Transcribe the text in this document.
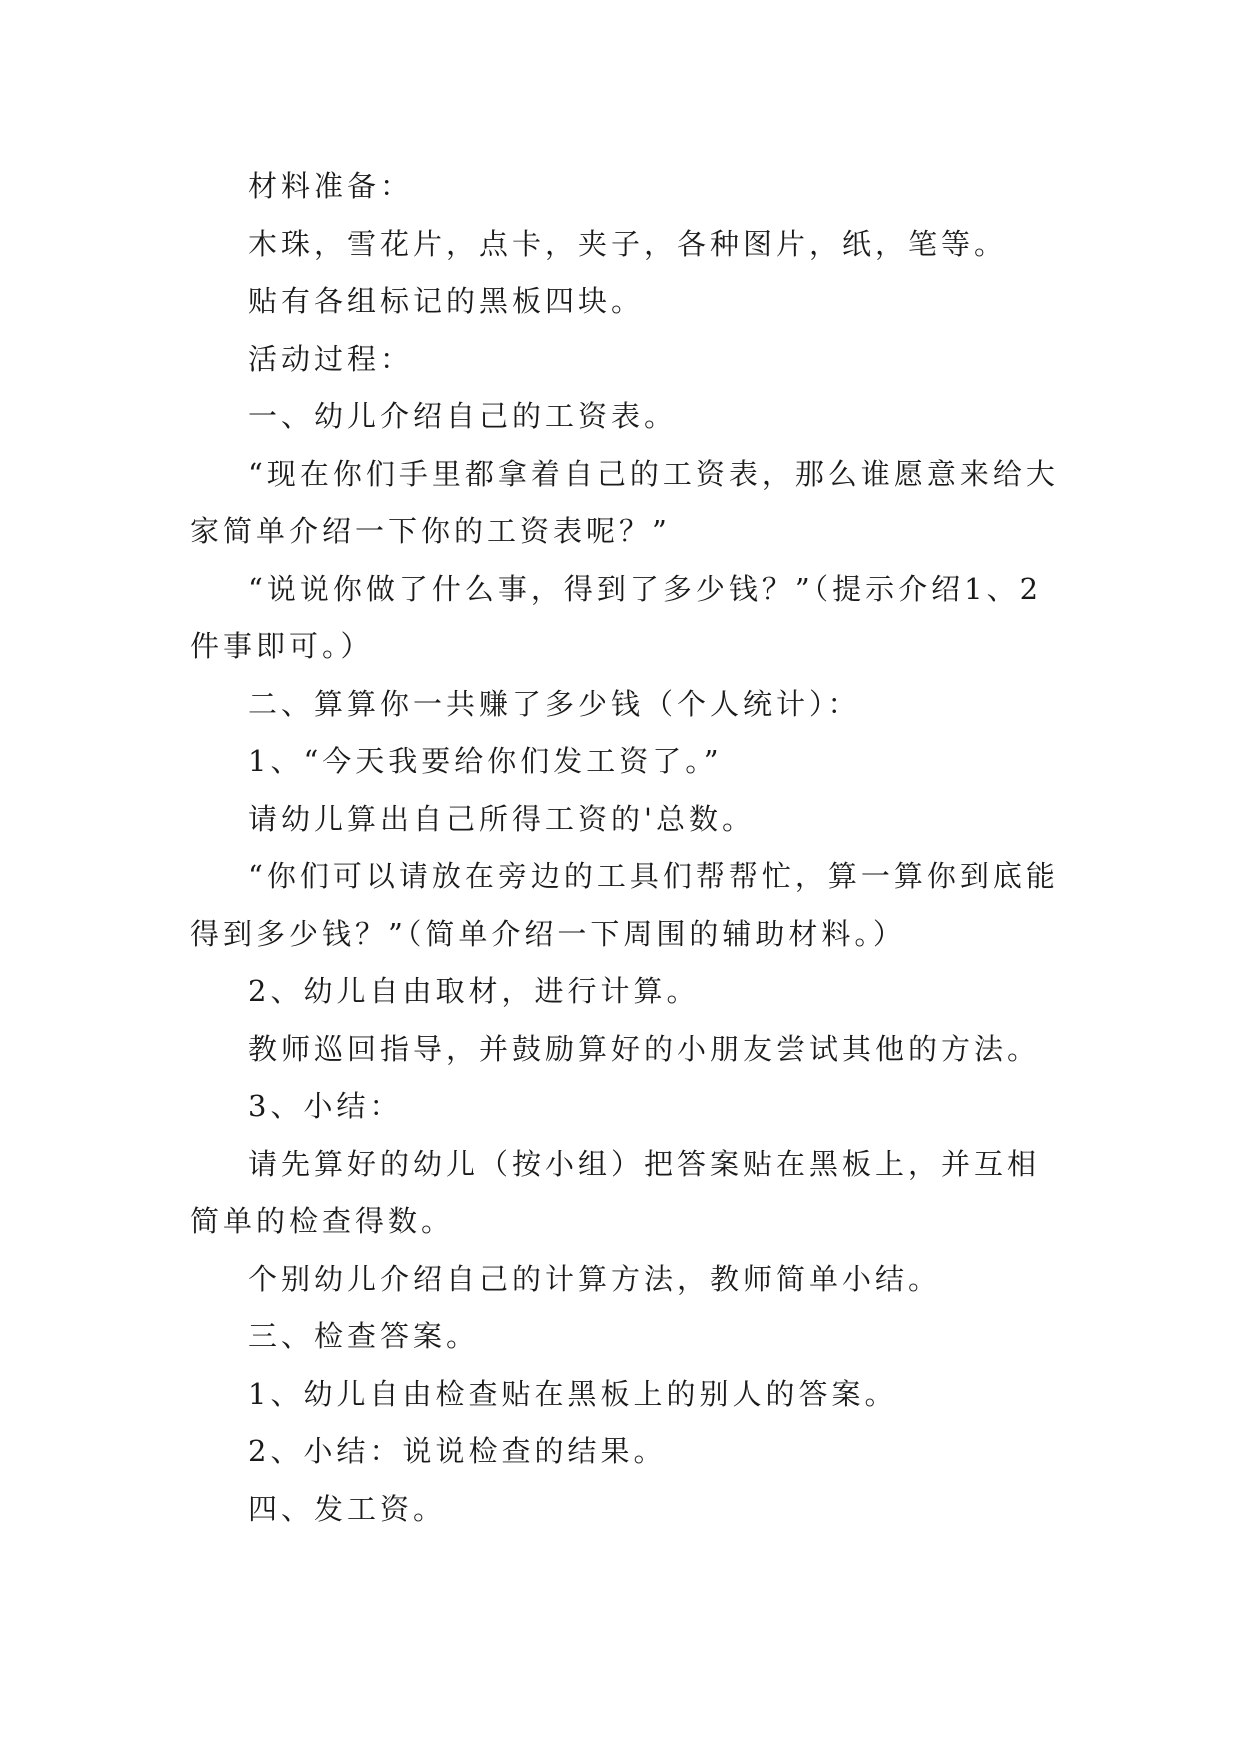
材料准备：

木珠，雪花片，点卡，夹子，各种图片，纸，笔等。

贴有各组标记的黑板四块。

活动过程：

一、幼儿介绍自己的工资表。

“现在你们手里都拿着自己的工资表，那么谁愿意来给大家简单介绍一下你的工资表呢？”

“说说你做了什么事，得到了多少钱？”（提示介绍1、2件事即可。）

二、算算你一共赚了多少钱（个人统计）：

1、“今天我要给你们发工资了。”

请幼儿算出自己所得工资的'总数。

“你们可以请放在旁边的工具们帮帮忙，算一算你到底能得到多少钱？”（简单介绍一下周围的辅助材料。）

2、幼儿自由取材，进行计算。

教师巡回指导，并鼓励算好的小朋友尝试其他的方法。

3、小结：

请先算好的幼儿（按小组）把答案贴在黑板上，并互相简单的检查得数。

个别幼儿介绍自己的计算方法，教师简单小结。

三、检查答案。

1、幼儿自由检查贴在黑板上的别人的答案。

2、小结：说说检查的结果。

四、发工资。
